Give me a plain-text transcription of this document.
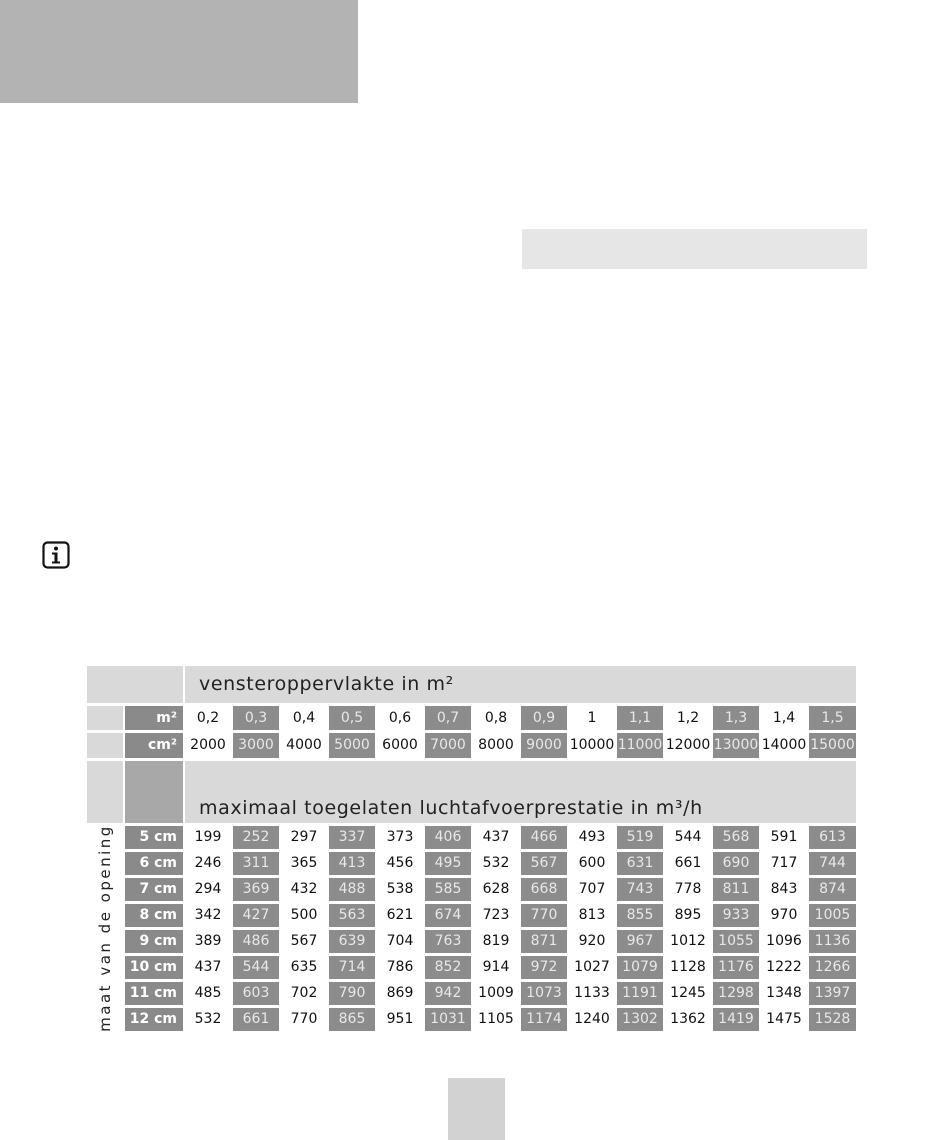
		vensteroppervlakte in m²													
	m²	0,2	0,3	0,4	0,5	0,6	0,7	0,8	0,9	1	1,1	1,2	1,3	1,4	1,5
	cm²	2000	3000	4000	5000	6000	7000	8000	9000	10000	11000	12000	13000	14000	15000
		maximaal toegelaten luchtafvoerprestatie in m³/h													

maat van de opening	5 cm	199	252	297	337	373	406	437	466	493	519	544	568	591	613
	6 cm	246	311	365	413	456	495	532	567	600	631	661	690	717	744
	7 cm	294	369	432	488	538	585	628	668	707	743	778	811	843	874
	8 cm	342	427	500	563	621	674	723	770	813	855	895	933	970	1005
	9 cm	389	486	567	639	704	763	819	871	920	967	1012	1055	1096	1136
	10 cm	437	544	635	714	786	852	914	972	1027	1079	1128	1176	1222	1266
	11 cm	485	603	702	790	869	942	1009	1073	1133	1191	1245	1298	1348	1397
	12 cm	532	661	770	865	951	1031	1105	1174	1240	1302	1362	1419	1475	1528
